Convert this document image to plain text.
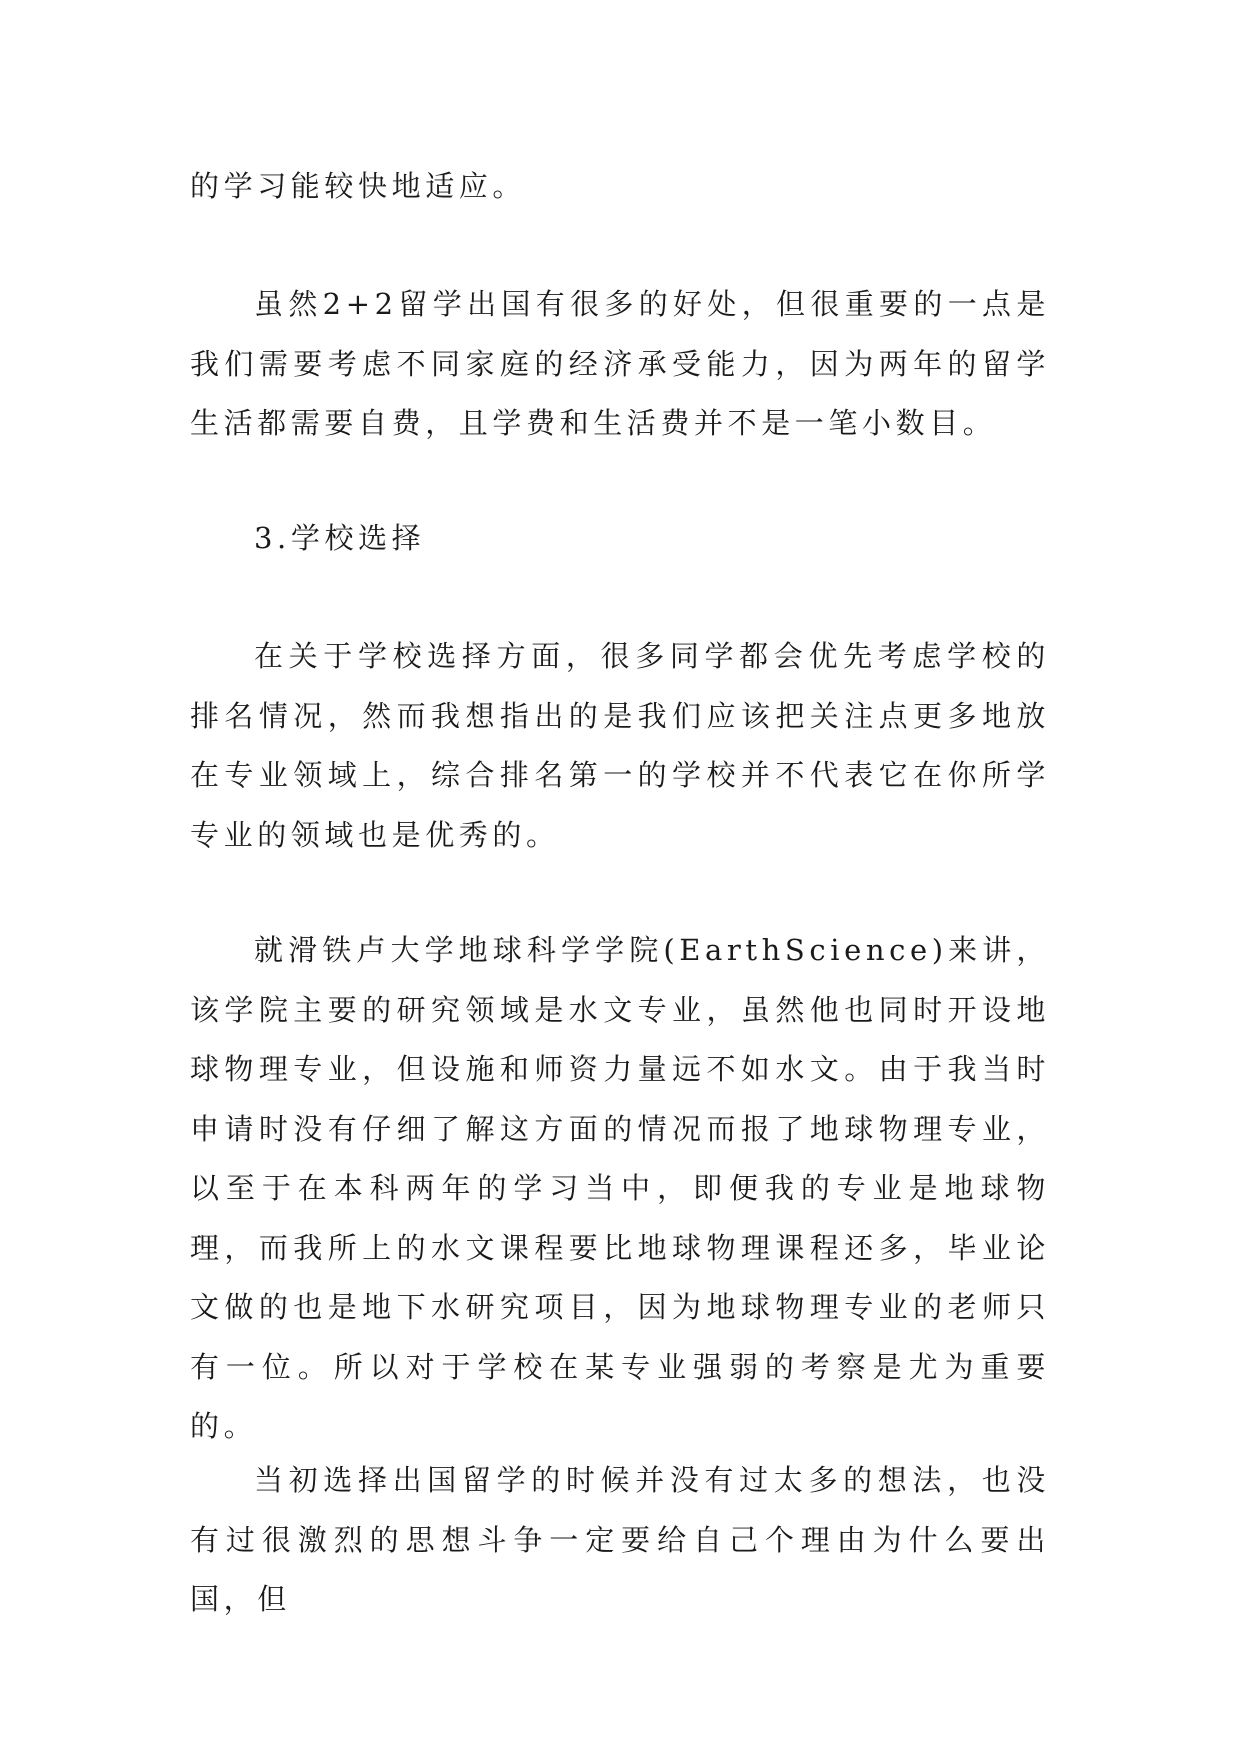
的学习能较快地适应。

虽然2+2留学出国有很多的好处，但很重要的一点是我们需要考虑不同家庭的经济承受能力，因为两年的留学生活都需要自费，且学费和生活费并不是一笔小数目。

3.学校选择

在关于学校选择方面，很多同学都会优先考虑学校的排名情况，然而我想指出的是我们应该把关注点更多地放在专业领域上，综合排名第一的学校并不代表它在你所学专业的领域也是优秀的。

就滑铁卢大学地球科学学院(EarthScience)来讲，该学院主要的研究领域是水文专业，虽然他也同时开设地球物理专业，但设施和师资力量远不如水文。由于我当时申请时没有仔细了解这方面的情况而报了地球物理专业，以至于在本科两年的学习当中，即便我的专业是地球物理，而我所上的水文课程要比地球物理课程还多，毕业论文做的也是地下水研究项目，因为地球物理专业的老师只有一位。所以对于学校在某专业强弱的考察是尤为重要的。

当初选择出国留学的时候并没有过太多的想法，也没有过很激烈的思想斗争一定要给自己个理由为什么要出国，但
